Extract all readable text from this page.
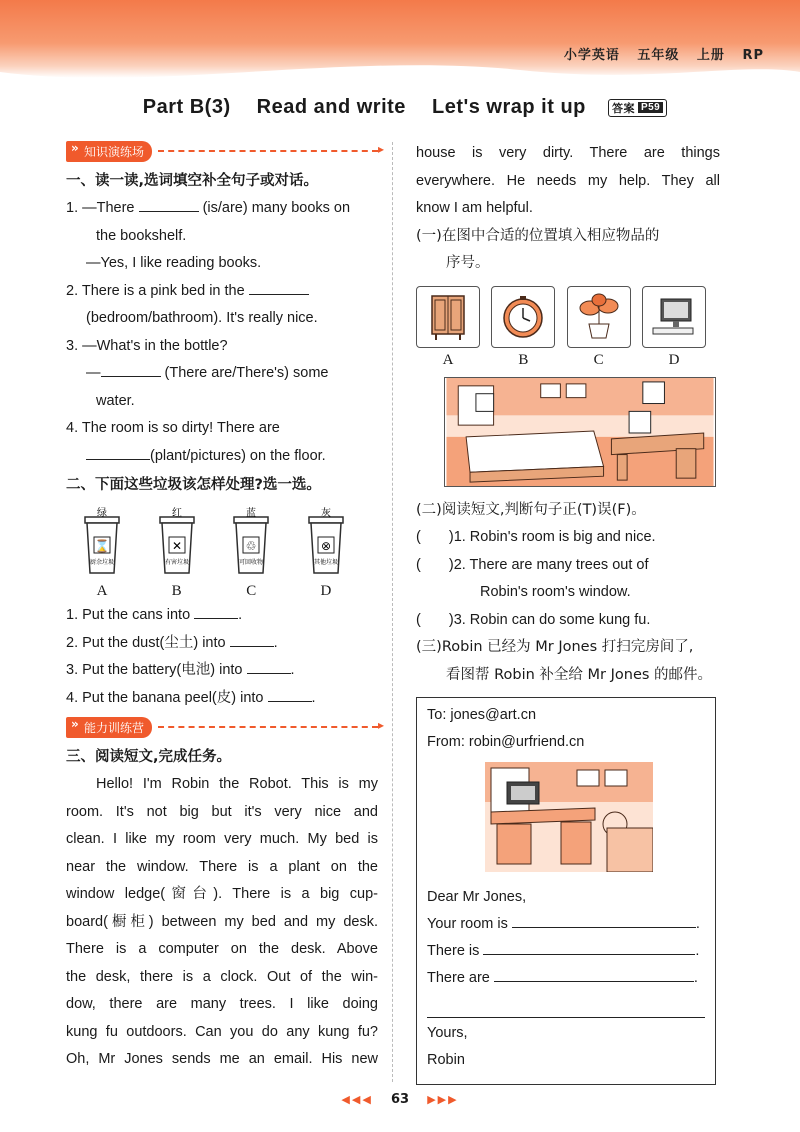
小学英语 五年级 上册 RP
Part B(3) Read and write Let's wrap it up 答案 P59
» 知识演练场
▸
一、读一读,选词填空补全句子或对话。
1. —There	(is/are) many books on
the bookshelf.
—Yes, I like reading books.
2. There is a pink bed in the
(bedroom/bathroom). It's really nice.
3. —What's in the bottle?
—	(There are/There's) some
water.
4. The room is so dirty! There are
(plant/pictures) on the floor.
二、下面这些垃圾该怎样处理?选一选。
⌛
绿
厨余垃圾
A
✕
红
有害垃圾
B
♲
蓝
可回收物
C
⊗
灰
其他垃圾
D
1. Put the cans into	.
2. Put the dust(尘土) into	.
3. Put the battery(电池) into	.
4. Put the banana peel(皮) into	.
» 能力训练营
▸
三、阅读短文,完成任务。
Hello! I'm Robin the Robot. This is my
room. It's not big but it's very nice and
clean. I like my room very much. My bed is
near the window. There is a plant on the
window ledge(窗台). There is a big cup-
board(橱柜) between my bed and my desk.
There is a computer on the desk. Above
the desk, there is a clock. Out of the win-
dow, there are many trees. I like doing
kung fu outdoors. Can you do any kung fu?
Oh, Mr Jones sends me an email. His new
house is very dirty. There are things
everywhere. He needs my help. They all
know I am helpful.
(一)在图中合适的位置填入相应物品的
序号。
A	B	C	D
(二)阅读短文,判断句子正(T)误(F)。
( )1. Robin's room is big and nice.
( )2. There are many trees out of
Robin's room's window.
( )3. Robin can do some kung fu.
(三)Robin 已经为 Mr Jones 打扫完房间了,
看图帮 Robin 补全给 Mr Jones 的邮件。
To: jones@art.cn
From: robin@urfriend.cn
Dear Mr Jones,
Your room is	.
There is	.
There are	.
Yours,
Robin
◀◀◀ 63 ▶▶▶
